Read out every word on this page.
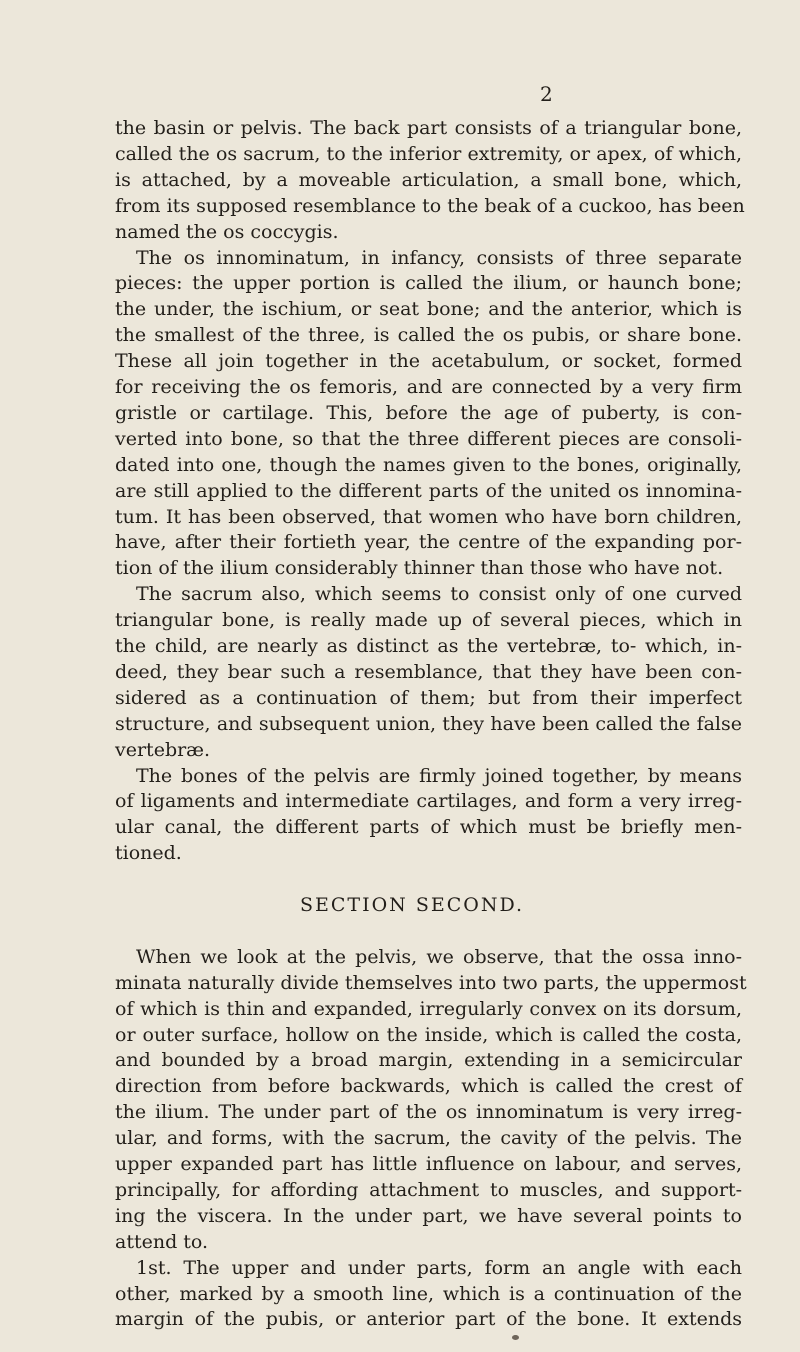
2
the basin or pelvis. The back part consists of a triangular bone,
called the os sacrum, to the inferior extremity, or apex, of which,
is attached, by a moveable articulation, a small bone, which,
from its supposed resemblance to the beak of a cuckoo, has been
named the os coccygis.
The os innominatum, in infancy, consists of three separate
pieces: the upper portion is called the ilium, or haunch bone;
the under, the ischium, or seat bone; and the anterior, which is
the smallest of the three, is called the os pubis, or share bone.
These all join together in the acetabulum, or socket, formed
for receiving the os femoris, and are connected by a very firm
gristle or cartilage. This, before the age of puberty, is con-
verted into bone, so that the three different pieces are consoli-
dated into one, though the names given to the bones, originally,
are still applied to the different parts of the united os innomina-
tum. It has been observed, that women who have born children,
have, after their fortieth year, the centre of the expanding por-
tion of the ilium considerably thinner than those who have not.
The sacrum also, which seems to consist only of one curved
triangular bone, is really made up of several pieces, which in
the child, are nearly as distinct as the vertebræ, to- which, in-
deed, they bear such a resemblance, that they have been con-
sidered as a continuation of them; but from their imperfect
structure, and subsequent union, they have been called the false
vertebræ.
The bones of the pelvis are firmly joined together, by means
of ligaments and intermediate cartilages, and form a very irreg-
ular canal, the different parts of which must be briefly men-
tioned.
SECTION SECOND.
When we look at the pelvis, we observe, that the ossa inno-
minata naturally divide themselves into two parts, the uppermost
of which is thin and expanded, irregularly convex on its dorsum,
or outer surface, hollow on the inside, which is called the costa,
and bounded by a broad margin, extending in a semicircular
direction from before backwards, which is called the crest of
the ilium. The under part of the os innominatum is very irreg-
ular, and forms, with the sacrum, the cavity of the pelvis. The
upper expanded part has little influence on labour, and serves,
principally, for affording attachment to muscles, and support-
ing the viscera. In the under part, we have several points to
attend to.
1st. The upper and under parts, form an angle with each
other, marked by a smooth line, which is a continuation of the
margin of the pubis, or anterior part of the bone. It extends
